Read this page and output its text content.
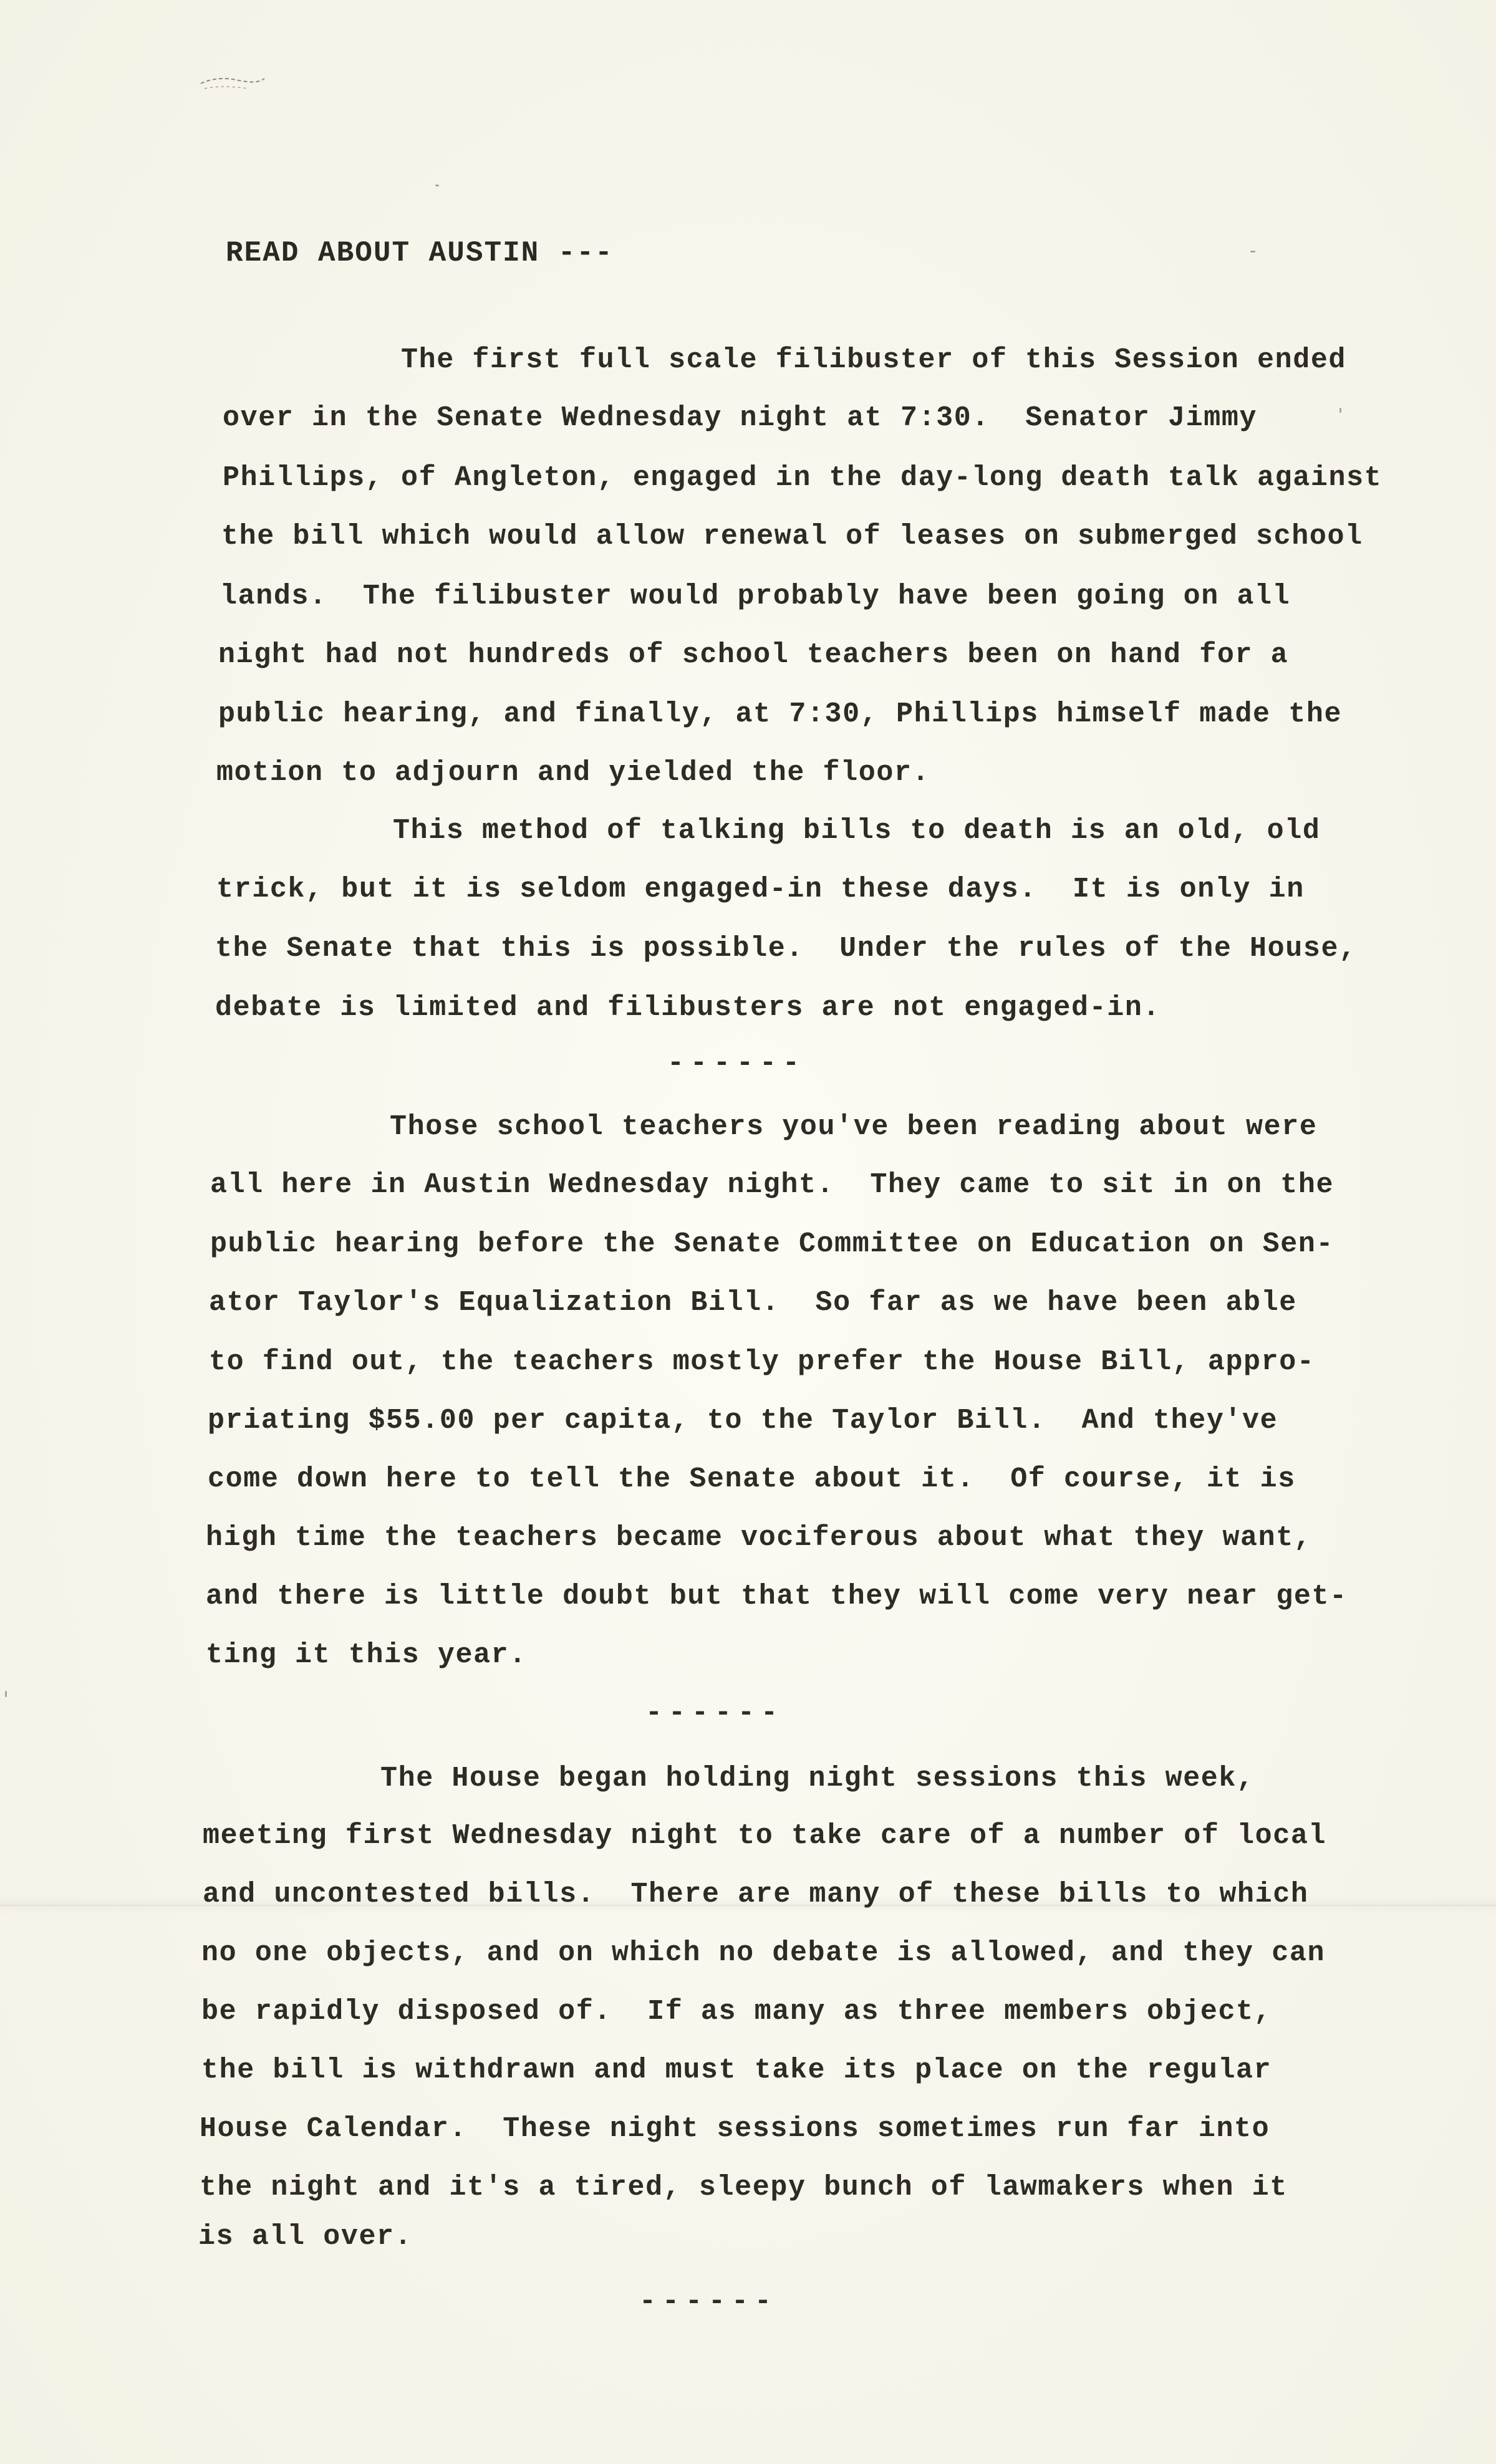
READ ABOUT AUSTIN ---
The first full scale filibuster of this Session ended
over in the Senate Wednesday night at 7:30.  Senator Jimmy
Phillips, of Angleton, engaged in the day-long death talk against
the bill which would allow renewal of leases on submerged school
lands.  The filibuster would probably have been going on all
night had not hundreds of school teachers been on hand for a
public hearing, and finally, at 7:30, Phillips himself made the
motion to adjourn and yielded the floor.
This method of talking bills to death is an old, old
trick, but it is seldom engaged-in these days.  It is only in
the Senate that this is possible.  Under the rules of the House,
debate is limited and filibusters are not engaged-in.
------
Those school teachers you've been reading about were
all here in Austin Wednesday night.  They came to sit in on the
public hearing before the Senate Committee on Education on Sen-
ator Taylor's Equalization Bill.  So far as we have been able
to find out, the teachers mostly prefer the House Bill, appro-
priating $55.00 per capita, to the Taylor Bill.  And they've
come down here to tell the Senate about it.  Of course, it is
high time the teachers became vociferous about what they want,
and there is little doubt but that they will come very near get-
ting it this year.
------
The House began holding night sessions this week,
meeting first Wednesday night to take care of a number of local
and uncontested bills.  There are many of these bills to which
no one objects, and on which no debate is allowed, and they can
be rapidly disposed of.  If as many as three members object,
the bill is withdrawn and must take its place on the regular
House Calendar.  These night sessions sometimes run far into
the night and it's a tired, sleepy bunch of lawmakers when it
is all over.
------
